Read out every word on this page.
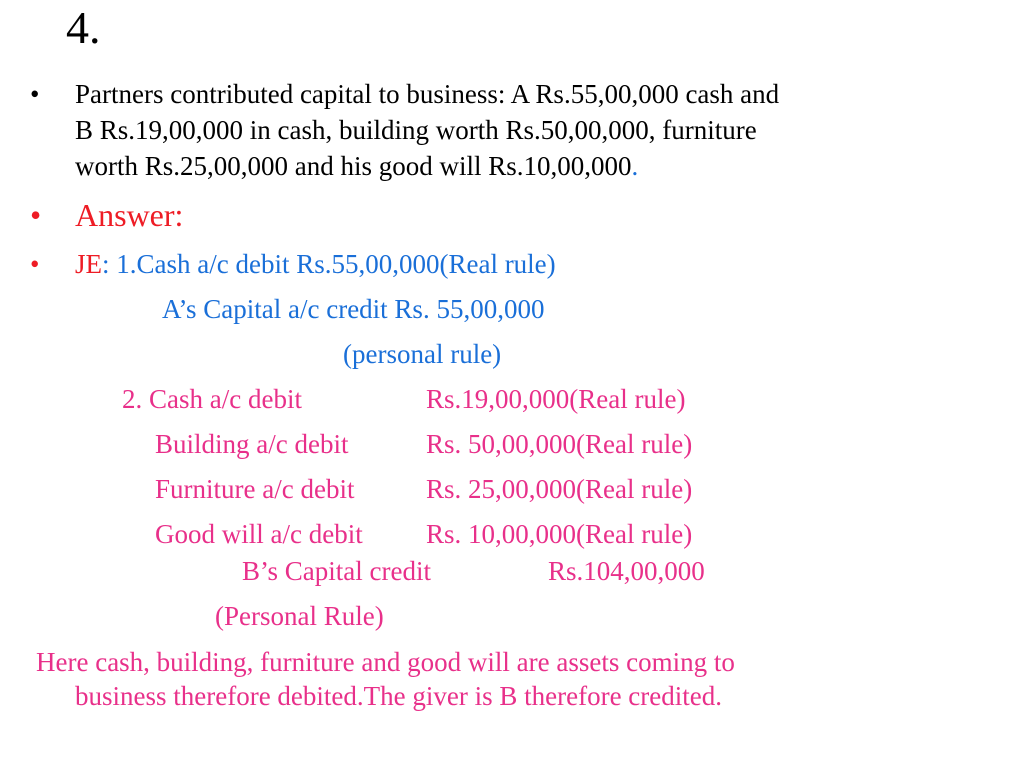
4.
•	Partners contributed capital to business: A Rs.55,00,000 cash and
B Rs.19,00,000 in cash, building worth Rs.50,00,000, furniture
worth Rs.25,00,000 and his good will Rs.10,00,000.
•	Answer:
•	JE: 1.Cash a/c debit Rs.55,00,000(Real rule)
A’s Capital a/c credit Rs. 55,00,000
(personal rule)
2. Cash a/c debit	Rs.19,00,000(Real rule)
Building a/c debit	Rs. 50,00,000(Real rule)
Furniture a/c debit	Rs. 25,00,000(Real rule)
Good will a/c debit Rs. 10,00,000(Real rule)
B’s Capital credit	Rs.104,00,000
(Personal Rule)
Here cash, building, furniture and good will are assets coming to
business therefore debited.The giver is B therefore credited.
